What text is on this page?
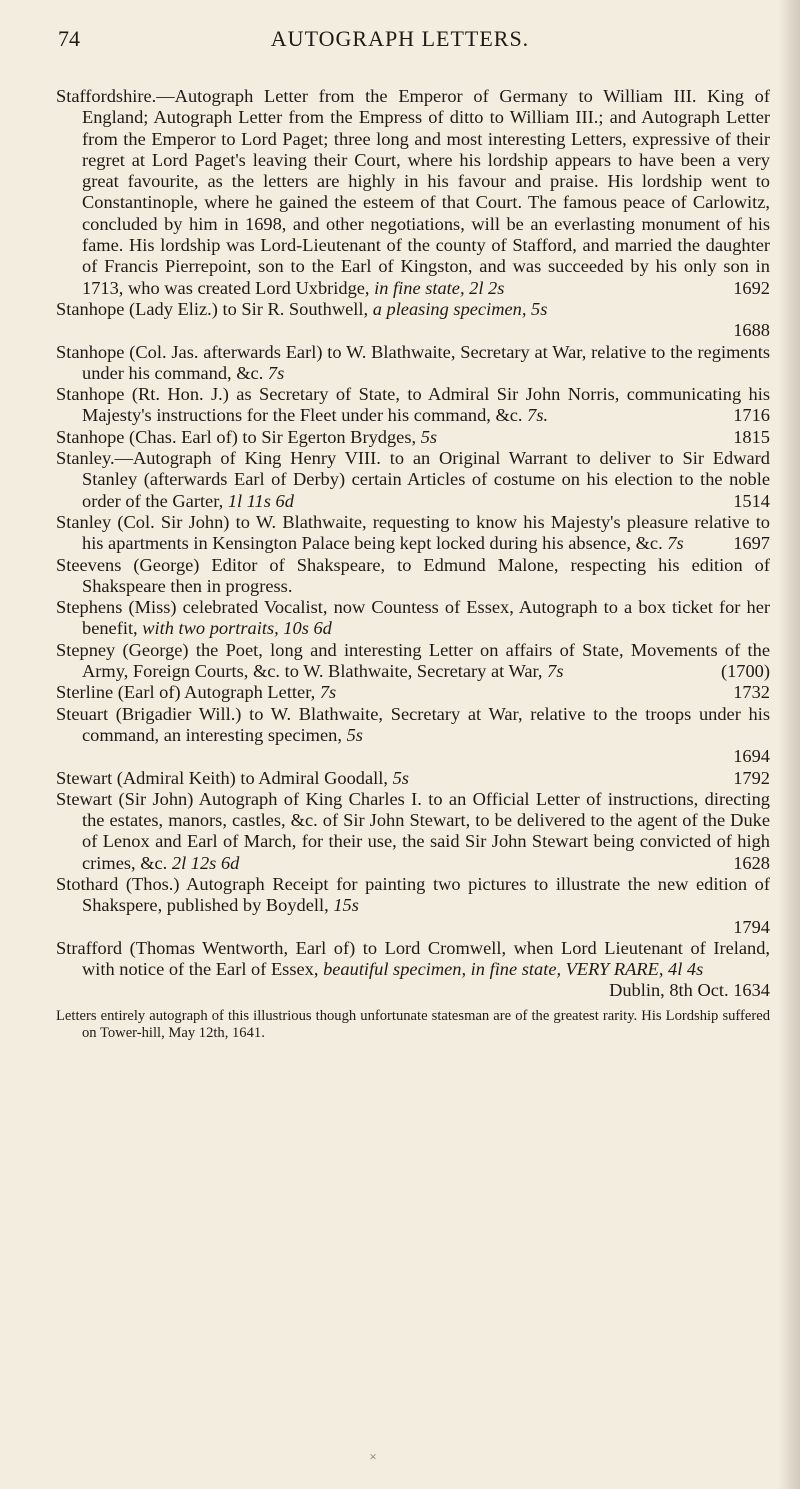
74	AUTOGRAPH LETTERS.

Staffordshire.—Autograph Letter from the Emperor of Germany to William III. King of England; Autograph Letter from the Empress of ditto to William III.; and Autograph Letter from the Emperor to Lord Paget; three long and most interesting Letters, expressive of their regret at Lord Paget's leaving their Court, where his lordship appears to have been a very great favourite, as the letters are highly in his favour and praise. His lordship went to Constantinople, where he gained the esteem of that Court. The famous peace of Carlowitz, concluded by him in 1698, and other negotiations, will be an everlasting monument of his fame. His lordship was Lord-Lieutenant of the county of Stafford, and married the daughter of Francis Pierrepoint, son to the Earl of Kingston, and was succeeded by his only son in 1713, who was created Lord Uxbridge, in fine state, 2l 2s	1692

Stanhope (Lady Eliz.) to Sir R. Southwell, a pleasing specimen, 5s
1688

Stanhope (Col. Jas. afterwards Earl) to W. Blathwaite, Secretary at War, relative to the regiments under his command, &c. 7s

Stanhope (Rt. Hon. J.) as Secretary of State, to Admiral Sir John Norris, communicating his Majesty's instructions for the Fleet under his command, &c. 7s.	1716

Stanhope (Chas. Earl of) to Sir Egerton Brydges, 5s	1815

Stanley.—Autograph of King Henry VIII. to an Original Warrant to deliver to Sir Edward Stanley (afterwards Earl of Derby) certain Articles of costume on his election to the noble order of the Garter, 1l 11s 6d	1514

Stanley (Col. Sir John) to W. Blathwaite, requesting to know his Majesty's pleasure relative to his apartments in Kensington Palace being kept locked during his absence, &c. 7s	1697

Steevens (George) Editor of Shakspeare, to Edmund Malone, respecting his edition of Shakspeare then in progress.

Stephens (Miss) celebrated Vocalist, now Countess of Essex, Autograph to a box ticket for her benefit, with two portraits, 10s 6d

Stepney (George) the Poet, long and interesting Letter on affairs of State, Movements of the Army, Foreign Courts, &c. to W. Blathwaite, Secretary at War, 7s	(1700)

Sterline (Earl of) Autograph Letter, 7s	1732

Steuart (Brigadier Will.) to W. Blathwaite, Secretary at War, relative to the troops under his command, an interesting specimen, 5s
1694

Stewart (Admiral Keith) to Admiral Goodall, 5s	1792

Stewart (Sir John) Autograph of King Charles I. to an Official Letter of instructions, directing the estates, manors, castles, &c. of Sir John Stewart, to be delivered to the agent of the Duke of Lenox and Earl of March, for their use, the said Sir John Stewart being convicted of high crimes, &c. 2l 12s 6d	1628

Stothard (Thos.) Autograph Receipt for painting two pictures to illustrate the new edition of Shakspere, published by Boydell, 15s
1794

Strafford (Thomas Wentworth, Earl of) to Lord Cromwell, when Lord Lieutenant of Ireland, with notice of the Earl of Essex, beautiful specimen, in fine state, VERY RARE, 4l 4s
Dublin, 8th Oct. 1634

Letters entirely autograph of this illustrious though unfortunate statesman are of the greatest rarity. His Lordship suffered on Tower-hill, May 12th, 1641.

˟
